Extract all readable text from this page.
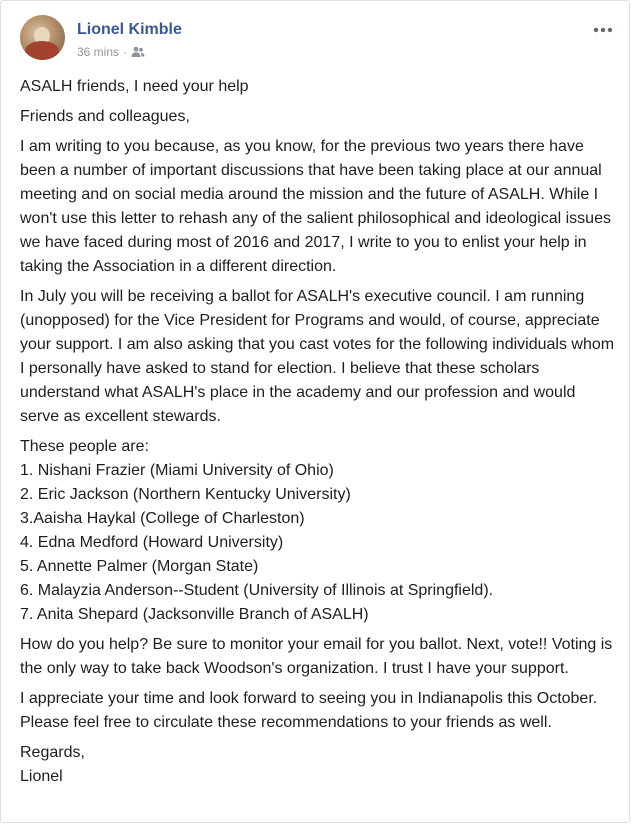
Lionel Kimble
36 mins ·

ASALH friends, I need your help

Friends and colleagues,

I am writing to you because, as you know, for the previous two years there have been a number of important discussions that have been taking place at our annual meeting and on social media around the mission and the future of ASALH. While I won't use this letter to rehash any of the salient philosophical and ideological issues we have faced during most of 2016 and 2017, I write to you to enlist your help in taking the Association in a different direction.

In July you will be receiving a ballot for ASALH's executive council. I am running (unopposed) for the Vice President for Programs and would, of course, appreciate your support. I am also asking that you cast votes for the following individuals whom I personally have asked to stand for election. I believe that these scholars understand what ASALH's place in the academy and our profession and would serve as excellent stewards.

These people are:
1. Nishani Frazier (Miami University of Ohio)
2. Eric Jackson (Northern Kentucky University)
3.Aaisha Haykal (College of Charleston)
4. Edna Medford (Howard University)
5. Annette Palmer (Morgan State)
6. Malayzia Anderson--Student (University of Illinois at Springfield).
7. Anita Shepard (Jacksonville Branch of ASALH)

How do you help? Be sure to monitor your email for you ballot. Next, vote!! Voting is the only way to take back Woodson's organization. I trust I have your support.

I appreciate your time and look forward to seeing you in Indianapolis this October. Please feel free to circulate these recommendations to your friends as well.

Regards,
Lionel
